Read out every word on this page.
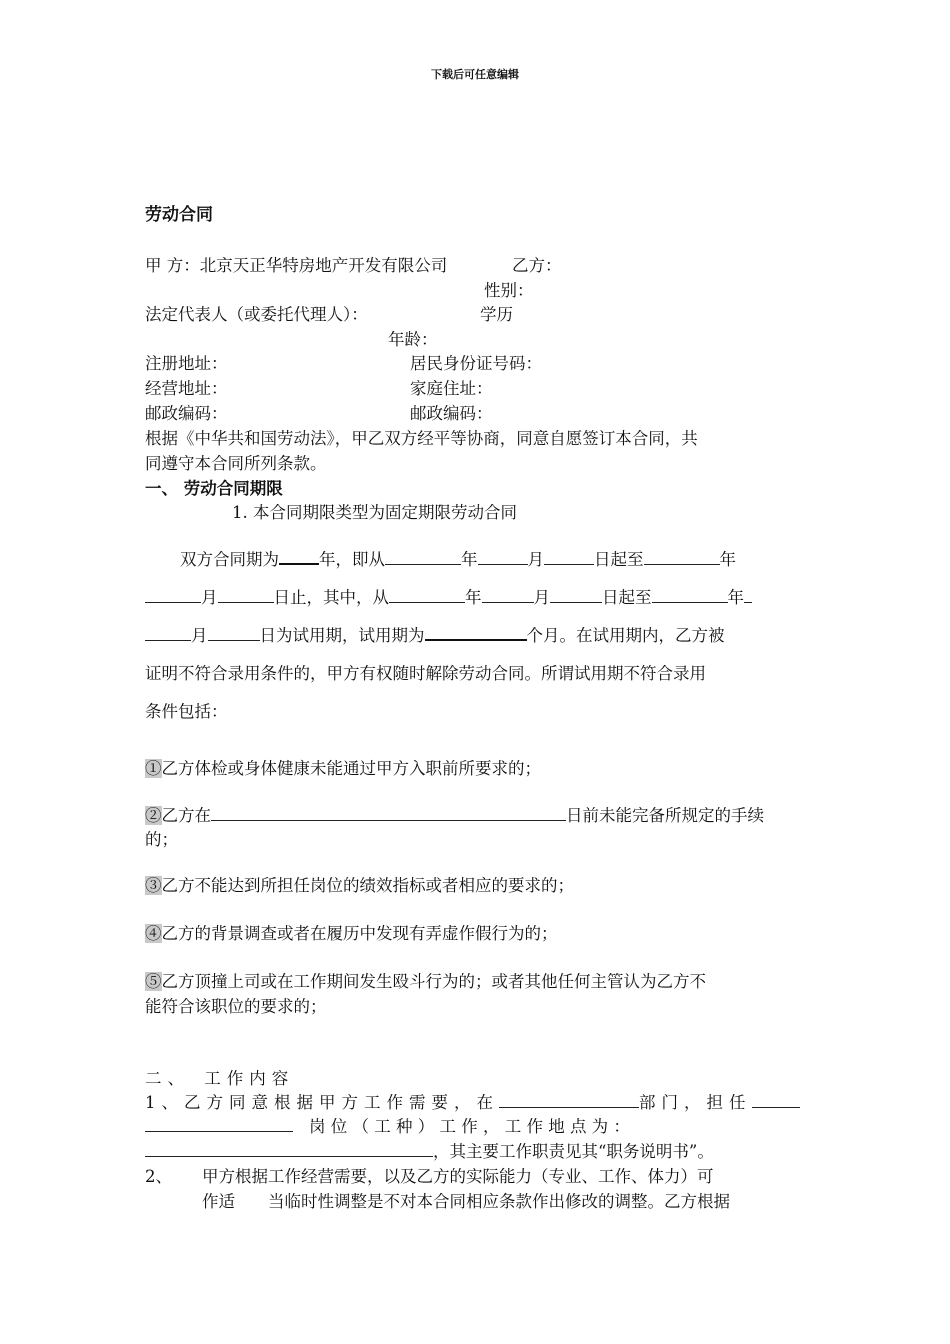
下载后可任意编辑
劳动合同
甲 方：北京天正华特房地产开发有限公司	乙方：
性别：
法定代表人（或委托代理人）：	学历
年龄：
注册地址：	居民身份证号码：
经营地址：	家庭住址：
邮政编码：	邮政编码：
根据《中华共和国劳动法》，甲乙双方经平等协商，同意自愿签订本合同，共
同遵守本合同所列条款。
一、 劳动合同期限
1. 本合同期限类型为固定期限劳动合同
双方合同期为 年，即从	年	月	日起至	年
月	日止，其中，从	年	月	日起至	年
月	日为试用期，试用期为	个月。在试用期内，乙方被
证明不符合录用条件的，甲方有权随时解除劳动合同。所谓试用期不符合录用
条件包括：
①乙方体检或身体健康未能通过甲方入职前所要求的；
②乙方在	日前未能完备所规定的手续
的；
③乙方不能达到所担任岗位的绩效指标或者相应的要求的；
④乙方的背景调查或者在履历中发现有弄虚作假行为的；
⑤乙方顶撞上司或在工作期间发生殴斗行为的；或者其他任何主管认为乙方不
能符合该职位的要求的；
二、　工作内容
1、乙方同意根据甲方工作需要，在	部门，担任
岗 位 （ 工 种 ） 工 作 ， 工 作 地 点 为 ：
，其主要工作职责见其“职务说明书”。
2、 甲方根据工作经营需要，以及乙方的实际能力（专业、工作、体力）可
作适 当临时性调整是不对本合同相应条款作出修改的调整。乙方根据
